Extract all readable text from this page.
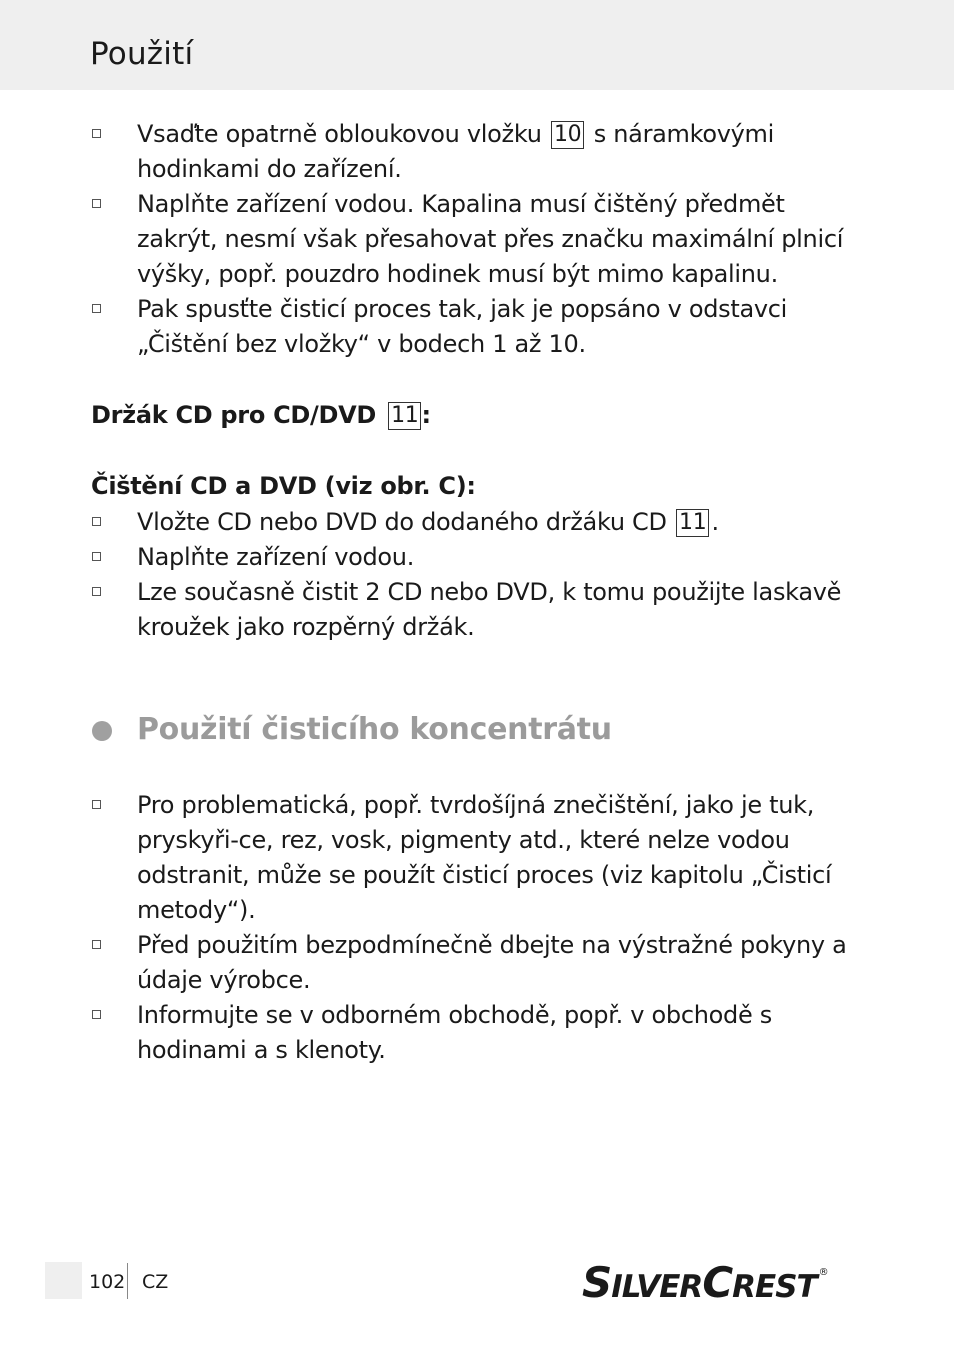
Použití
Vsaďte opatrně obloukovou vložku 10 s náramkovými hodinkami do zařízení.
Naplňte zařízení vodou. Kapalina musí čištěný předmět zakrýt, nesmí však přesahovat přes značku maximální plnicí výšky, popř. pouzdro hodinek musí být mimo kapalinu.
Pak spusťte čisticí proces tak, jak je popsáno v odstavci „Čištění bez vložky“ v bodech 1 až 10.
Držák CD pro CD/DVD 11 :
Čištění CD a DVD (viz obr. C):
Vložte CD nebo DVD do dodaného držáku CD 11 .
Naplňte zařízení vodou.
Lze současně čistit 2 CD nebo DVD, k tomu použijte laskavě kroužek jako rozpěrný držák.
Použití čisticího koncentrátu
Pro problematická, popř. tvrdošíjná znečištění, jako je tuk, pryskyři-ce, rez, vosk, pigmenty atd., které nelze vodou odstranit, může se použít čisticí proces (viz kapitolu „Čisticí metody“).
Před použitím bezpodmínečně dbejte na výstražné pokyny a údaje výrobce.
Informujte se v odborném obchodě, popř. v obchodě s hodinami a s klenoty.
102 CZ	SILVERCREST ®
